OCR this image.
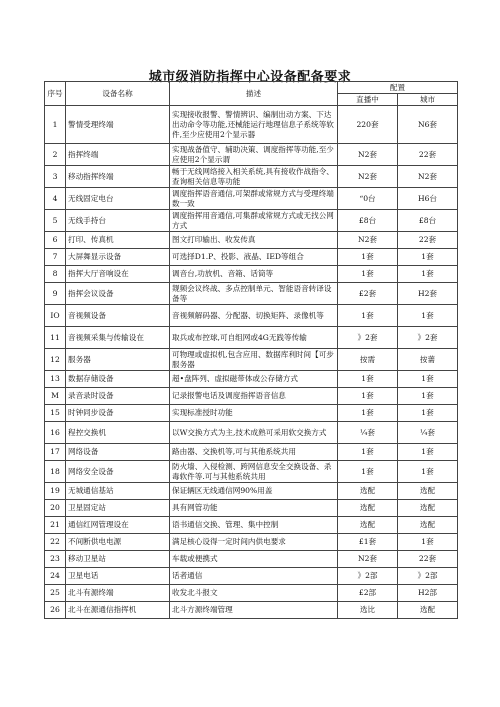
城市级消防指挥中心设备配备要求
序号	设备名称	描述	配置	
			直播中	城市
1	警情受理终端	实现接收报警、警情辨识、编制出动方案、下达出动命令等功能,还械能运行地理信息子系统等软件,至少应使用2个显示器	220套	N6套
2	指挥终端	实现战备值守、辅助决策、调度指挥等功能,至少应使用2个显示谓	N2套	22套
3	移动指挥终端	畅于无线网络接入相关系统,具有接收作战指令、查询相关信息等功能	N2套	N2套
4	无线固定电台	调度指挥语音通信,可架群或常规方式与受理终端数一致	“0台	H6台
5	无线手持台	调度指挥用音通信,可集群或常规方式或无找公网方式	£8台	£8台
6	打印、传真机	图文打印输出、收发传真	N2套	22套
7	大屏舞显示设备	可选择D1.P、投影、液晶、IED等组合	1套	1套
8	指挥大厅音响设在	调音台,功放机、音箱、话筒等	1套	1套
9	指挥会议设备	觌频会议终战、多点控制单元、智能语音转译设备等	£2套	H2套
IO	音视频设备	音视频解码器、分配器、切换矩阵、录像机等	1套	1套
11	音视频采集与传输设在	取兵或布控球,可自组网或4G无践等传输	》2套	》2套
12	服务器	可物理或虚拟机,包含应用、数据库利时间【可步服务器	按需	按薷
13	数据存储设备	超•盘阵列、虚拟磁带体或公存储方式	1套	1套
M	录音录时设备	记录报警电话及调度指挥语音信息	1套	1套
15	时钟同步设备	实现标准授时功能	1套	1套
16	程控交换机	以W交换方式为主,技术成熟可采用软交换方式	¼套	¼套
17	网络设备	路由器、交换机等,可与其他系统共用	1套	1套
18	网络安全设备	防火墙、入侵检测、跨网信息安全交换设备、杀毒软件等.可与其他系统共用	1套	1套
19	无城通信基站	保证辆区无线通信网90%用盖	选配	选配
20	卫星固定站	具有网管功能	选配	选配
21	通信红网管理设在	语书通信交换、管理、集中控制	选配	选配
22	不间断供电电源	满足核心设得一定时间内供电要求	£1套	1套
23	移动卫星站	车载或便携式	N2套	22套
24	卫星电话	话者通信	》2部	》2部
25	北斗有源终端	收发北斗报文	£2部	H2部
26	北斗在源通信指挥机	北斗方源终端管理	选比	选配
